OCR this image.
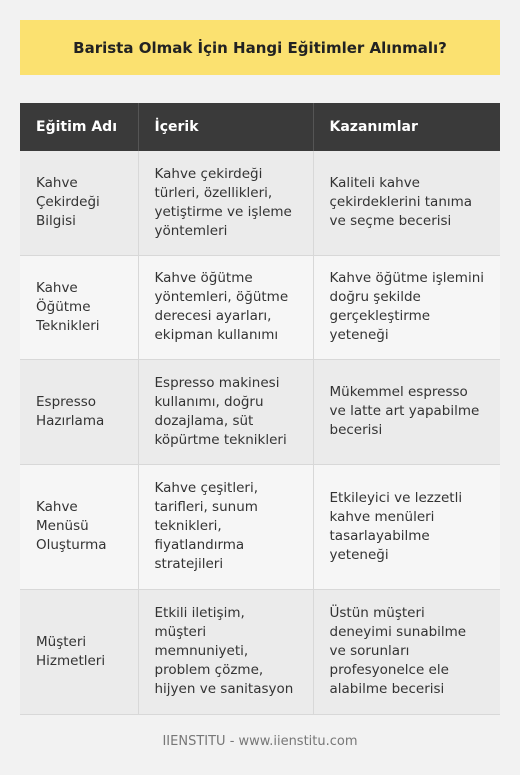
Barista Olmak İçin Hangi Eğitimler Alınmalı?
Eğitim Adı	İçerik	Kazanımlar
Kahve Çekirdeği Bilgisi	Kahve çekirdeği türleri, özellikleri, yetiştirme ve işleme yöntemleri	Kaliteli kahve çekirdeklerini tanıma ve seçme becerisi
Kahve Öğütme Teknikleri	Kahve öğütme yöntemleri, öğütme derecesi ayarları, ekipman kullanımı	Kahve öğütme işlemini doğru şekilde gerçekleştirme yeteneği
Espresso Hazırlama	Espresso makinesi kullanımı, doğru dozajlama, süt köpürtme teknikleri	Mükemmel espresso ve latte art yapabilme becerisi
Kahve Menüsü Oluşturma	Kahve çeşitleri, tarifleri, sunum teknikleri, fiyatlandırma stratejileri	Etkileyici ve lezzetli kahve menüleri tasarlayabilme yeteneği
Müşteri Hizmetleri	Etkili iletişim, müşteri memnuniyeti, problem çözme, hijyen ve sanitasyon	Üstün müşteri deneyimi sunabilme ve sorunları profesyonelce ele alabilme becerisi
IIENSTITU - www.iienstitu.com
